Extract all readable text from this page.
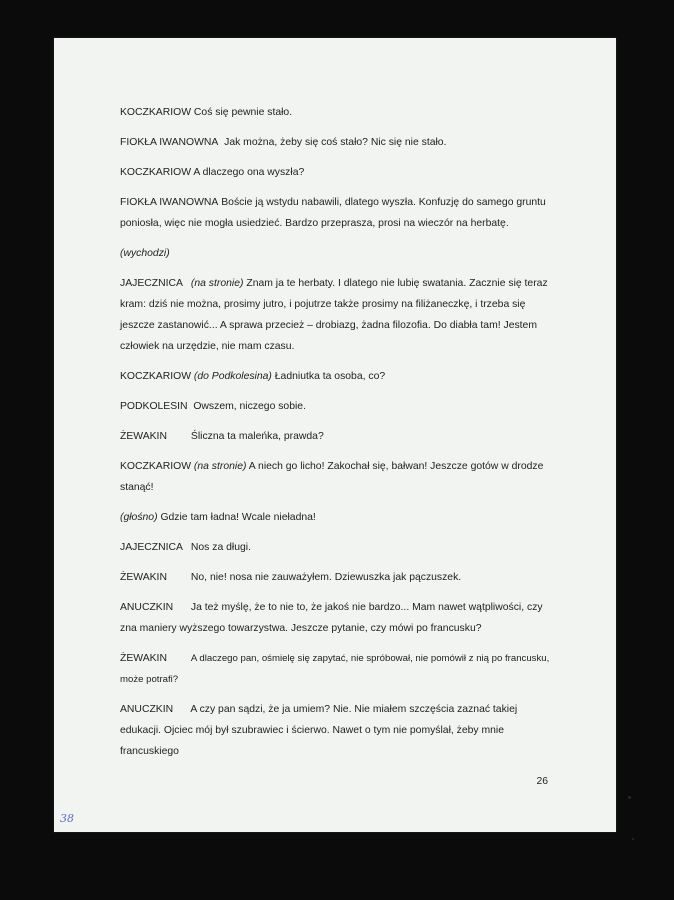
KOCZKARIOW Coś się pewnie stało.

FIOKŁA IWANOWNA Jak można, żeby się coś stało? Nic się nie stało.

KOCZKARIOW A dlaczego ona wyszła?

FIOKŁA IWANOWNA Boście ją wstydu nabawili, dlatego wyszła. Konfuzję do samego gruntu poniosła, więc nie mogła usiedzieć. Bardzo przeprasza, prosi na wieczór na herbatę.

(wychodzi)

JAJECZNICA (na stronie) Znam ja te herbaty. I dlatego nie lubię swatania. Zacznie się teraz kram: dziś nie można, prosimy jutro, i pojutrze także prosimy na filiżaneczkę, i trzeba się jeszcze zastanowić... A sprawa przecież – drobiazg, żadna filozofia. Do diabła tam! Jestem człowiek na urzędzie, nie mam czasu.

KOCZKARIOW (do Podkolesina) Ładniutka ta osoba, co?

PODKOLESIN Owszem, niczego sobie.

ŻEWAKIN Śliczna ta maleńka, prawda?

KOCZKARIOW (na stronie) A niech go licho! Zakochał się, bałwan! Jeszcze gotów w drodze stanąć!

(głośno) Gdzie tam ładna! Wcale nieładna!

JAJECZNICA Nos za długi.

ŻEWAKIN No, nie! nosa nie zauważyłem. Dziewuszka jak pączuszek.

ANUCZKIN Ja też myślę, że to nie to, że jakoś nie bardzo... Mam nawet wątpliwości, czy zna maniery wyższego towarzystwa. Jeszcze pytanie, czy mówi po francusku?

ŻEWAKIN A dlaczego pan, ośmielę się zapytać, nie spróbował, nie pomówił z nią po francusku, może potrafi?

ANUCZKIN A czy pan sądzi, że ja umiem? Nie. Nie miałem szczęścia zaznać takiej edukacji. Ojciec mój był szubrawiec i ścierwo. Nawet o tym nie pomyślał, żeby mnie francuskiego

26
38
